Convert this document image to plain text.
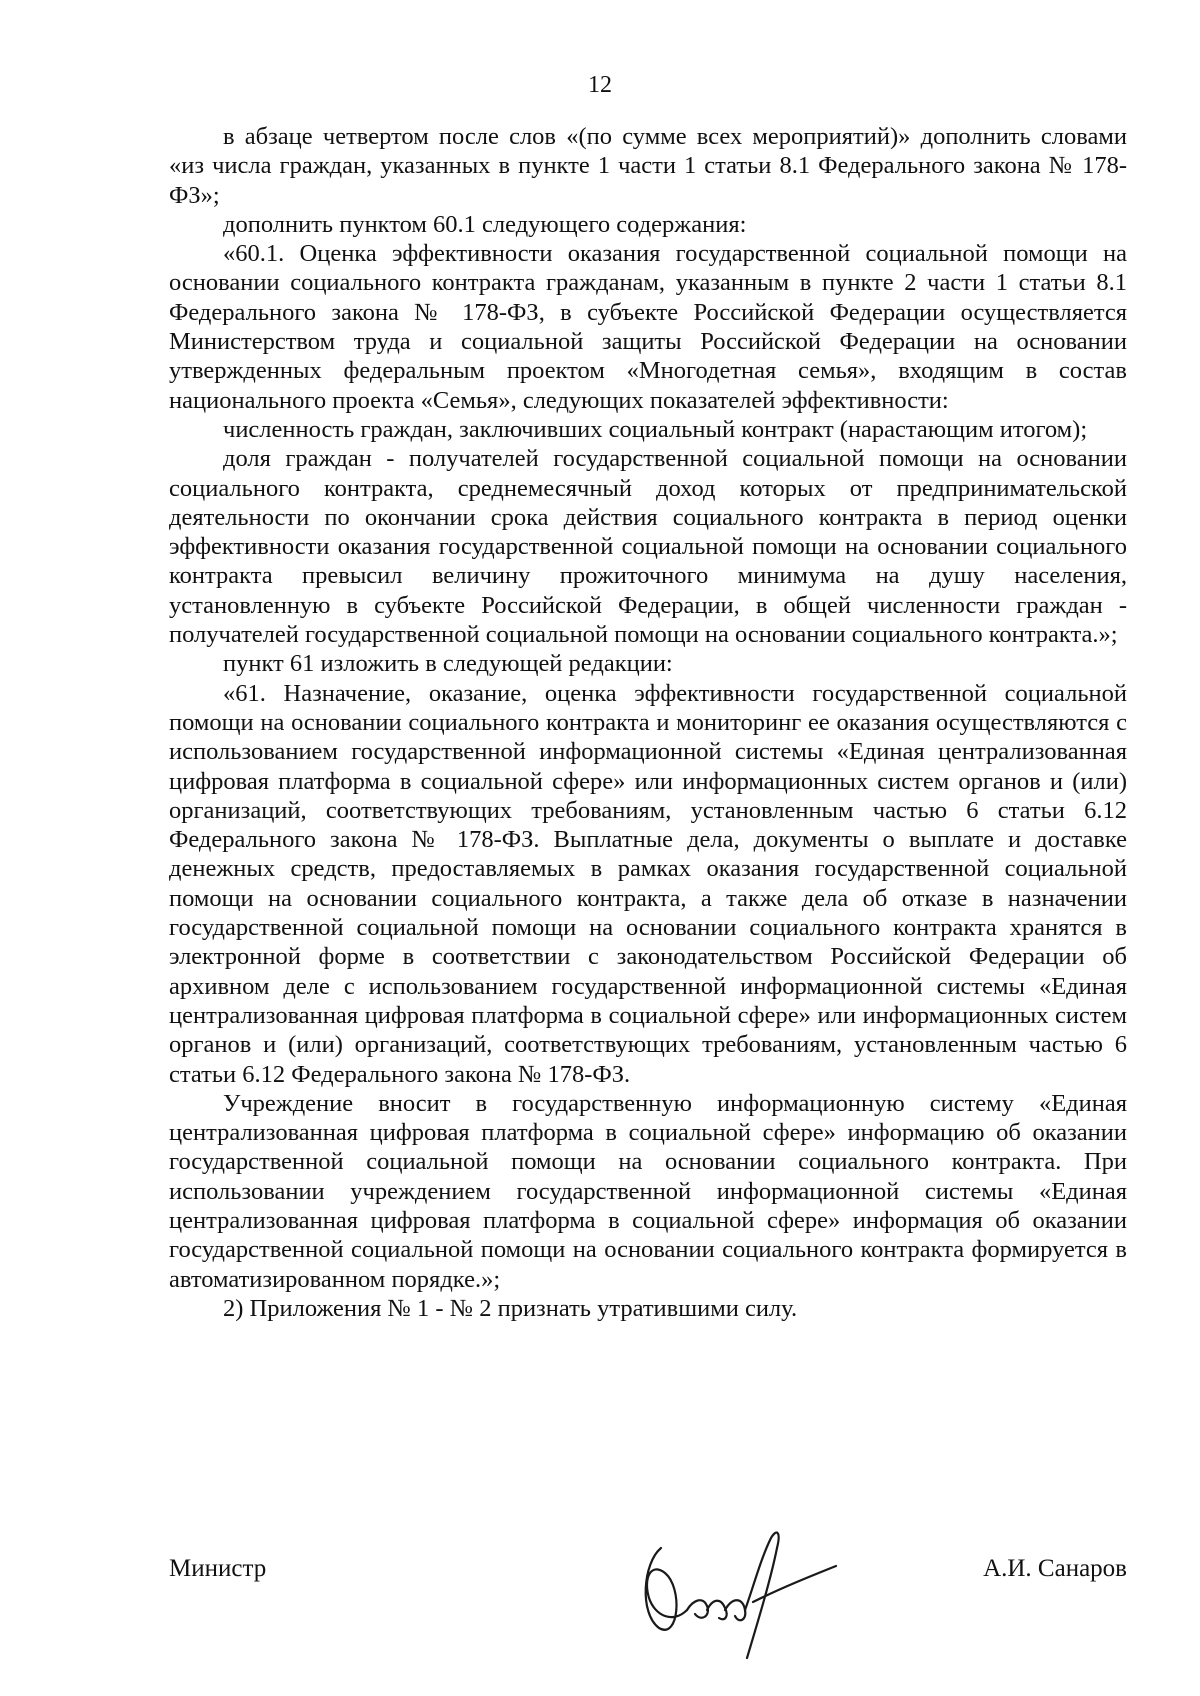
12

в абзаце четвертом после слов «(по сумме всех мероприятий)» дополнить словами «из числа граждан, указанных в пункте 1 части 1 статьи 8.1 Федерального закона № 178-ФЗ»;

дополнить пунктом 60.1 следующего содержания:

«60.1. Оценка эффективности оказания государственной социальной помощи на основании социального контракта гражданам, указанным в пункте 2 части 1 статьи 8.1 Федерального закона № 178-ФЗ, в субъекте Российской Федерации осуществляется Министерством труда и социальной защиты Российской Федерации на основании утвержденных федеральным проектом «Многодетная семья», входящим в состав национального проекта «Семья», следующих показателей эффективности:

численность граждан, заключивших социальный контракт (нарастающим итогом);

доля граждан - получателей государственной социальной помощи на основании социального контракта, среднемесячный доход которых от предпринимательской деятельности по окончании срока действия социального контракта в период оценки эффективности оказания государственной социальной помощи на основании социального контракта превысил величину прожиточного минимума на душу населения, установленную в субъекте Российской Федерации, в общей численности граждан - получателей государственной социальной помощи на основании социального контракта.»;

пункт 61 изложить в следующей редакции:

«61. Назначение, оказание, оценка эффективности государственной социальной помощи на основании социального контракта и мониторинг ее оказания осуществляются с использованием государственной информационной системы «Единая централизованная цифровая платформа в социальной сфере» или информационных систем органов и (или) организаций, соответствующих требованиям, установленным частью 6 статьи 6.12 Федерального закона № 178-ФЗ. Выплатные дела, документы о выплате и доставке денежных средств, предоставляемых в рамках оказания государственной социальной помощи на основании социального контракта, а также дела об отказе в назначении государственной социальной помощи на основании социального контракта хранятся в электронной форме в соответствии с законодательством Российской Федерации об архивном деле с использованием государственной информационной системы «Единая централизованная цифровая платформа в социальной сфере» или информационных систем органов и (или) организаций, соответствующих требованиям, установленным частью 6 статьи 6.12 Федерального закона № 178-ФЗ.

Учреждение вносит в государственную информационную систему «Единая централизованная цифровая платформа в социальной сфере» информацию об оказании государственной социальной помощи на основании социального контракта. При использовании учреждением государственной информационной системы «Единая централизованная цифровая платформа в социальной сфере» информация об оказании государственной социальной помощи на основании социального контракта формируется в автоматизированном порядке.»;

2) Приложения № 1 - № 2 признать утратившими силу.

Министр	А.И. Санаров
